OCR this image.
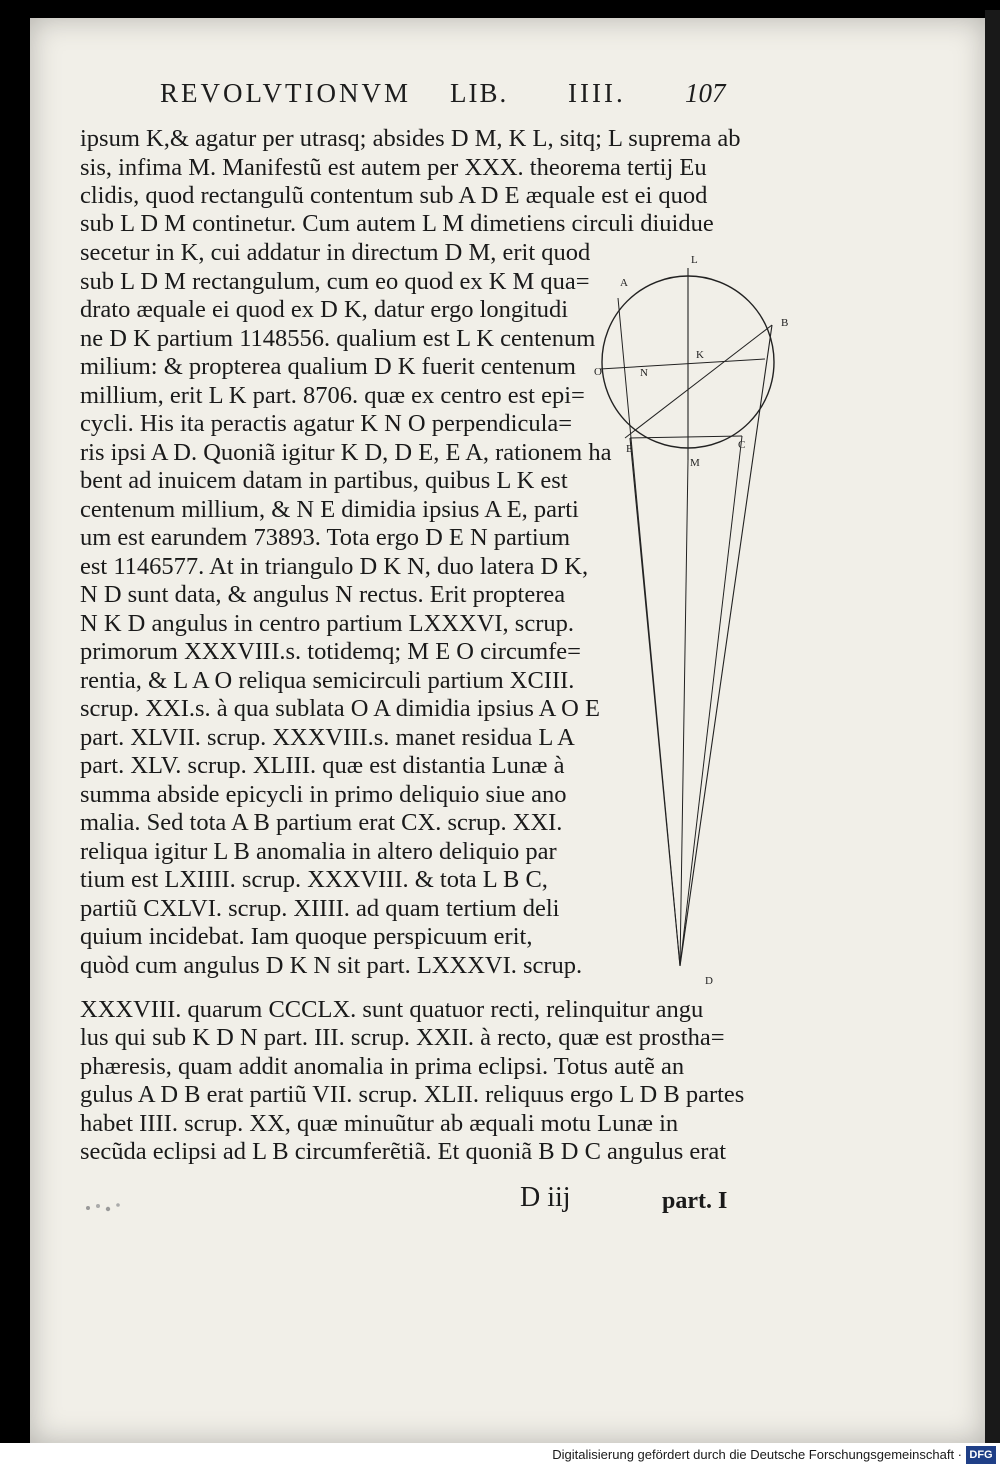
REVOLVTIONVM LIB. IIII. 107
ipsum K,& agatur per utrasq; absides D M, K L, sitq; L suprema ab
sis, infima M. Manifestũ est autem per XXX. theorema tertij Eu
clidis, quod rectangulũ contentum sub A D E æquale est ei quod
sub L D M continetur. Cum autem L M dimetiens circuli diuidue
secetur in K, cui addatur in directum D M, erit quod
sub L D M rectangulum, cum eo quod ex K M qua=
drato æquale ei quod ex D K, datur ergo longitudi
ne D K partium 1148556. qualium est L K centenum
milium: & propterea qualium D K fuerit centenum
millium, erit L K part. 8706. quæ ex centro est epi=
cycli. His ita peractis agatur K N O perpendicula=
ris ipsi A D. Quoniã igitur K D, D E, E A, rationem ha
bent ad inuicem datam in partibus, quibus L K est
centenum millium, & N E dimidia ipsius A E, parti
um est earundem 73893. Tota ergo D E N partium
est 1146577. At in triangulo D K N, duo latera D K,
N D sunt data, & angulus N rectus. Erit propterea
N K D angulus in centro partium LXXXVI, scrup.
primorum XXXVIII.s. totidemq; M E O circumfe=
rentia, & L A O reliqua semicirculi partium XCIII.
scrup. XXI.s. à qua sublata O A dimidia ipsius A O E
part. XLVII. scrup. XXXVIII.s. manet residua L A
part. XLV. scrup. XLIII. quæ est distantia Lunæ à
summa abside epicycli in primo deliquio siue ano
malia. Sed tota A B partium erat CX. scrup. XXI.
reliqua igitur L B anomalia in altero deliquio par
tium est LXIIII. scrup. XXXVIII. & tota L B C,
partiũ CXLVI. scrup. XIIII. ad quam tertium deli
quium incidebat. Iam quoque perspicuum erit,
quòd cum angulus D K N sit part. LXXXVI. scrup.
XXXVIII. quarum CCCLX. sunt quatuor recti, relinquitur angu
lus qui sub K D N part. III. scrup. XXII. à recto, quæ est prostha=
phæresis, quam addit anomalia in prima eclipsi. Totus autẽ an
gulus A D B erat partiũ VII. scrup. XLII. reliquus ergo L D B partes
habet IIII. scrup. XX, quæ minuũtur ab æquali motu Lunæ in
secũda eclipsi ad L B circumferẽtiã. Et quoniã B D C angulus erat
L
A
B
O	N
K
E
M
C
D
D iij	part. I
Digitalisierung gefördert durch die Deutsche Forschungsgemeinschaft · DFG
